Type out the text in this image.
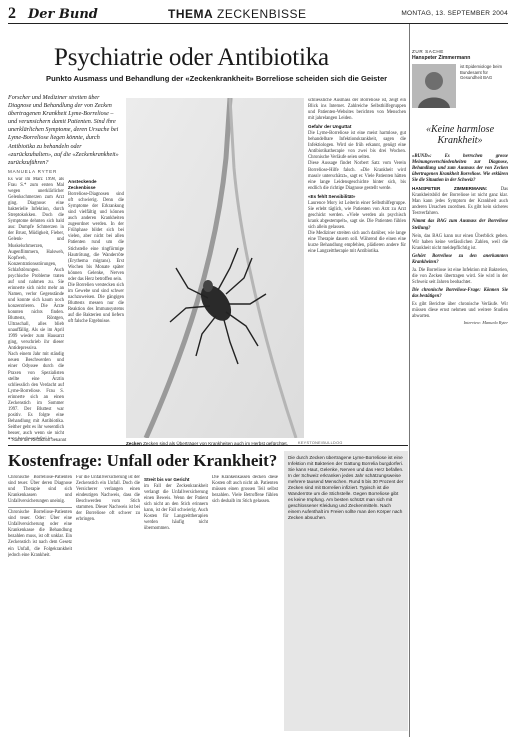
2 Der Bund	THEMA ZECKENBISSE	MONTAG, 13. SEPTEMBER 2004
Psychiatrie oder Antibiotika
Punkto Ausmass und Behandlung der «Zeckenkrankheit» Borreliose scheiden sich die Geister
Forscher und Mediziner streiten über Diagnose und Behandlung der von Zecken übertragenen Krankheit Lyme-Borreliose – und verunsichern damit Patienten. Sind ihre unerklärlichen Symptome, deren Ursache bei Lyme-Borreliose liegen könnte, durch Antibiotika zu behandeln oder «zurückzuhalten», auf die «Zeckenkrankheit» zurückzuführen?
MANUELA RYTER

Es war im März 1998, als Frau S.* zum ersten Mal wegen unerklärlicher Gelenkschmerzen zum Arzt ging. Diagnose: eine bakterielle Infektion, durch Streptokokken. Doch die Symptome dehnten sich bald aus: Dumpfe Schmerzen in der Brust, Müdigkeit, Fieber, Gelenk- und Muskelschmerzen, Augenflimmern, Halsweh, Kopfweh, Konzentrationsstörungen, Schlafstörungen. Auch psychische Probleme traten auf und nahmen zu. Sie erinnerte sich nicht mehr an Namen, verlor Gegenstände und konnte sich kaum noch konzentrieren. Die Ärzte konnten nichts finden. Bluttests, Röntgen, Ultraschall, alles blieb unauffällig. Als sie im April 1999 wieder zum Hausarzt ging, verschrieb ihr dieser Antidepressiva.

Nach einem Jahr mit ständig neuen Beschwerden und einer Odyssee durch die Praxen von Spezialisten stellte eine Ärztin schliesslich den Verdacht auf Lyme-Borreliose. Frau S. erinnerte sich an einen Zeckenstich im Sommer 1997. Der Bluttest war positiv. Es folgte eine Behandlung mit Antibiotika. Seither geht es ihr wesentlich besser, auch wenn sie nicht

Ansteckende Zeckenbisse

Borreliose-Diagnosen sind oft schwierig. Denn die Symptome der Erkrankung sind vielfältig und können auch anderen Krankheiten zugeordnet werden. In der Frühphase bildet sich bei vielen, aber nicht bei allen Patienten rund um die Stichstelle eine ringförmige Hautrötung, die Wanderröte (Erythema migrans). Erst Wochen bis Monate später können Gelenke, Nerven oder das Herz betroffen sein.

Die Borrelien verstecken sich im Gewebe und sind schwer nachzuweisen. Die gängigen Bluttests messen nur die Reaktion des Immunsystems auf die Bakterien und liefern oft falsche Ergebnisse.

Zecken Zecken sind als Überträger von Krankheiten auch im Herbst gefürchtet.	KEYSTONE/BULLDOG

schliessliche Ausmass der Borreliose ist, zeigt ein Blick ins Internet. Zahlreiche Selbsthilfegruppen und Patienten-Websites berichten von Menschen mit jahrelangen Leiden.

Gefahr der Unguttat

Die Lyme-Borreliose ist eine meist harmlose, gut behandelbare Infektionskrankheit, sagen die Infektiologen. Wird sie früh erkannt, genügt eine Antibiotikatherapie von zwei bis drei Wochen. Chronische Verläufe seien selten.

Diese Aussage findet Norbert Satz vom Verein Borreliose-Hilfe falsch. «Die Krankheit wird massiv unterschätzt», sagt er. Viele Patienten hätten eine lange Leidensgeschichte hinter sich, bis endlich die richtige Diagnose gestellt werde.

«Es fehlt Sensibilität»

Laurence Mory ist Leiterin einer Selbsthilfegruppe. Sie erlebt täglich, wie Patienten von Arzt zu Arzt geschickt werden. «Viele werden als psychisch krank abgestempelt», sagt sie. Die Patienten fühlen sich allein gelassen.

Die Mediziner streiten sich auch darüber, wie lange eine Therapie dauern soll. Während die einen eine kurze Behandlung empfehlen, plädieren andere für eine Langzeittherapie mit Antibiotika.

ZUR SACHE
Hanspeter Zimmermann
ist Epidemiologe beim Bundesamt für Gesundheit BAG
«Keine harmlose Krankheit»

«BUND»: Es herrschen grosse Meinungsverschiedenheiten zur Diagnose, Behandlung und zum Ausmass der von Zecken übertragenen Krankheit Borreliose. Wie erklären Sie die Situation in der Schweiz?

HANSPETER ZIMMERMANN:	Das Krankheitsbild der Borreliose ist nicht ganz klar. Man kann jedes Symptom der Krankheit auch anderen Ursachen zuordnen. Es gibt kein sicheres Testverfahren.

Nimmt das BAG zum Ausmass der Borreliose Stellung?

Nein, das BAG kann nur einen Überblick geben. Wir haben keine verlässlichen Zahlen, weil die Krankheit nicht meldepflichtig ist.

Gehört Borreliose zu den anerkannten Krankheiten?

Ja. Die Borreliose ist eine Infektion mit Bakterien, die von Zecken übertragen wird. Sie wird in der Schweiz seit Jahren beobachtet.

Die chronische Borreliose-Frage: Können Sie das bestätigen?

Es gibt Berichte über chronische Verläufe. Wir müssen diese ernst nehmen und weitere Studien abwarten.

Interview: Manuela Ryter

Kostenfrage: Unfall oder Krankheit?

Chronische Borreliose-Patienten sind teuer. Über deren Diagnose und Therapie sind sich Krankenkassen und Unfallversicherungen uneinig.

Chronische Borreliose-Patienten sind teuer. Oder: Über eine Unfallversicherung oder eine Krankenkasse die Behandlung bezahlen muss, ist oft unklar. Ein Zeckenstich ist nach dem Gesetz ein Unfall, die Folgekrankheit jedoch eine Krankheit.

Für die Unfallversicherung ist der Zeckenstich ein Unfall. Doch die Versicherer verlangen einen eindeutigen Nachweis, dass die Beschwerden vom Stich stammen. Dieser Nachweis ist bei der Borreliose oft schwer zu erbringen.

Streit bis vor Gericht

im Fall der Zeckenkrankheit verlangt die Unfallversicherung einen Beweis. Wenn der Patient sich nicht an den Stich erinnern kann, ist der Fall schwierig. Auch Kosten für Langzeittherapien werden häufig nicht übernommen.

Die Krankenkassen decken diese Kosten oft auch nicht ab. Patienten müssen einen grossen Teil selbst bezahlen. Viele Betroffene fühlen sich deshalb im Stich gelassen.

Die durch Zecken übertragene Lyme-Borreliose ist eine Infektion mit Bakterien der Gattung Borrelia burgdorferi. Sie kann Haut, Gelenke, Nerven und das Herz befallen. In der Schweiz erkranken jedes Jahr schätzungsweise mehrere tausend Menschen. Rund 5 bis 30 Prozent der Zecken sind mit Borrelien infiziert. Typisch ist die Wanderröte um die Stichstelle. Gegen Borreliose gibt es keine Impfung. Am besten schützt man sich mit geschlossener Kleidung und Zeckenmitteln. Nach einem Aufenthalt im Freien sollte man den Körper nach Zecken absuchen.
* Name der Redaktion bekannt
